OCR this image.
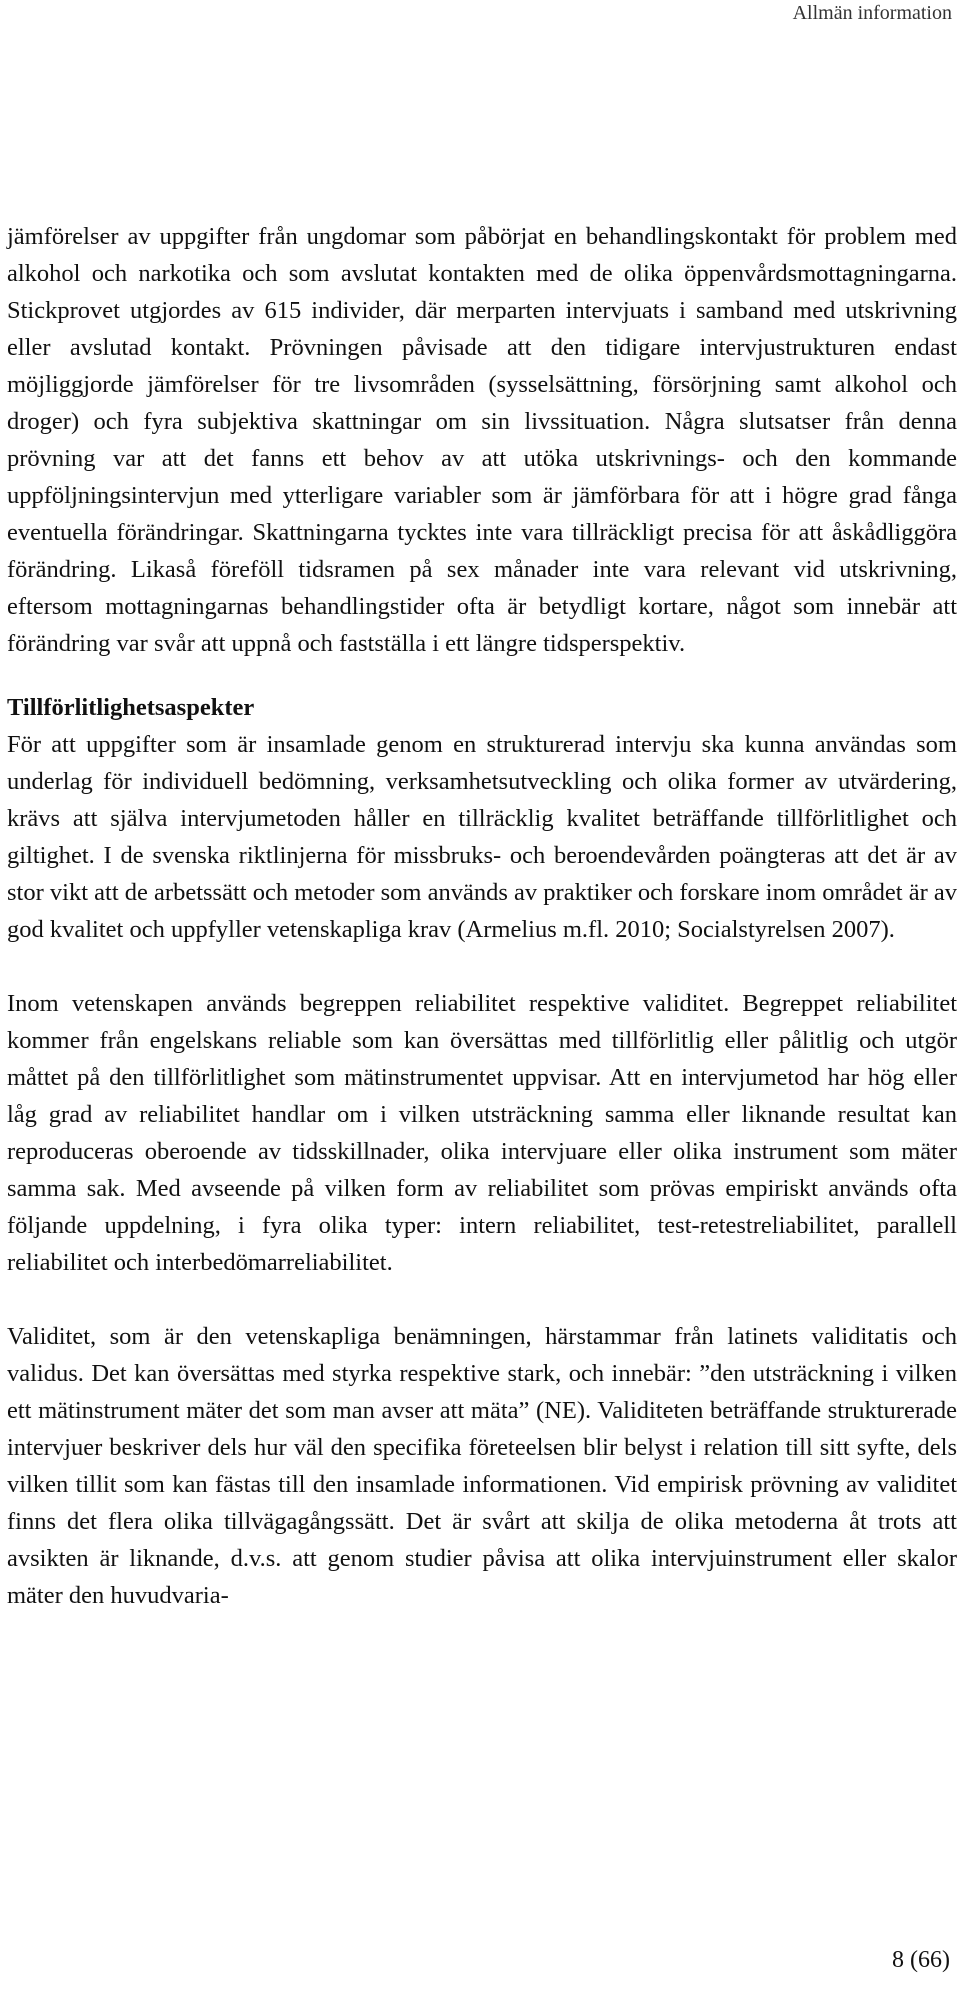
Allmän information

jämförelser av uppgifter från ungdomar som påbörjat en behandlingskontakt för problem med alkohol och narkotika och som avslutat kontakten med de olika öppenvårdsmottagningarna. Stickprovet utgjordes av 615 individer, där merparten intervjuats i samband med utskrivning eller avslutad kontakt. Prövningen påvisade att den tidigare intervjustrukturen endast möjliggjorde jämförelser för tre livsområden (sysselsättning, försörjning samt alkohol och droger) och fyra subjektiva skattningar om sin livssituation. Några slutsatser från denna prövning var att det fanns ett behov av att utöka utskrivnings- och den kommande uppföljningsintervjun med ytterligare variabler som är jämförbara för att i högre grad fånga eventuella förändringar. Skattningarna tycktes inte vara tillräckligt precisa för att åskådliggöra förändring. Likaså föreföll tidsramen på sex månader inte vara relevant vid utskrivning, eftersom mottagningarnas behandlingstider ofta är betydligt kortare, något som innebär att förändring var svår att uppnå och fastställa i ett längre tidsperspektiv.

Tillförlitlighetsaspekter

För att uppgifter som är insamlade genom en strukturerad intervju ska kunna användas som underlag för individuell bedömning, verksamhetsutveckling och olika former av utvärdering, krävs att själva intervjumetoden håller en tillräcklig kvalitet beträffande tillförlitlighet och giltighet. I de svenska riktlinjerna för missbruks- och beroendevården poängteras att det är av stor vikt att de arbetssätt och metoder som används av praktiker och forskare inom området är av god kvalitet och uppfyller vetenskapliga krav (Armelius m.fl. 2010; Socialstyrelsen 2007).

Inom vetenskapen används begreppen reliabilitet respektive validitet. Begreppet reliabilitet kommer från engelskans reliable som kan översättas med tillförlitlig eller pålitlig och utgör måttet på den tillförlitlighet som mätinstrumentet uppvisar. Att en intervjumetod har hög eller låg grad av reliabilitet handlar om i vilken utsträckning samma eller liknande resultat kan reproduceras oberoende av tidsskillnader, olika intervjuare eller olika instrument som mäter samma sak. Med avseende på vilken form av reliabilitet som prövas empiriskt används ofta följande uppdelning, i fyra olika typer: intern reliabilitet, test-retestreliabilitet, parallell reliabilitet och interbedömarreliabilitet.

Validitet, som är den vetenskapliga benämningen, härstammar från latinets validitatis och validus. Det kan översättas med styrka respektive stark, och innebär: ”den utsträckning i vilken ett mätinstrument mäter det som man avser att mäta” (NE). Validiteten beträffande strukturerade intervjuer beskriver dels hur väl den specifika företeelsen blir belyst i relation till sitt syfte, dels vilken tillit som kan fästas till den insamlade informationen. Vid empirisk prövning av validitet finns det flera olika tillvägagångssätt. Det är svårt att skilja de olika metoderna åt trots att avsikten är liknande, d.v.s. att genom studier påvisa att olika intervjuinstrument eller skalor mäter den huvudvaria-

8 (66)
